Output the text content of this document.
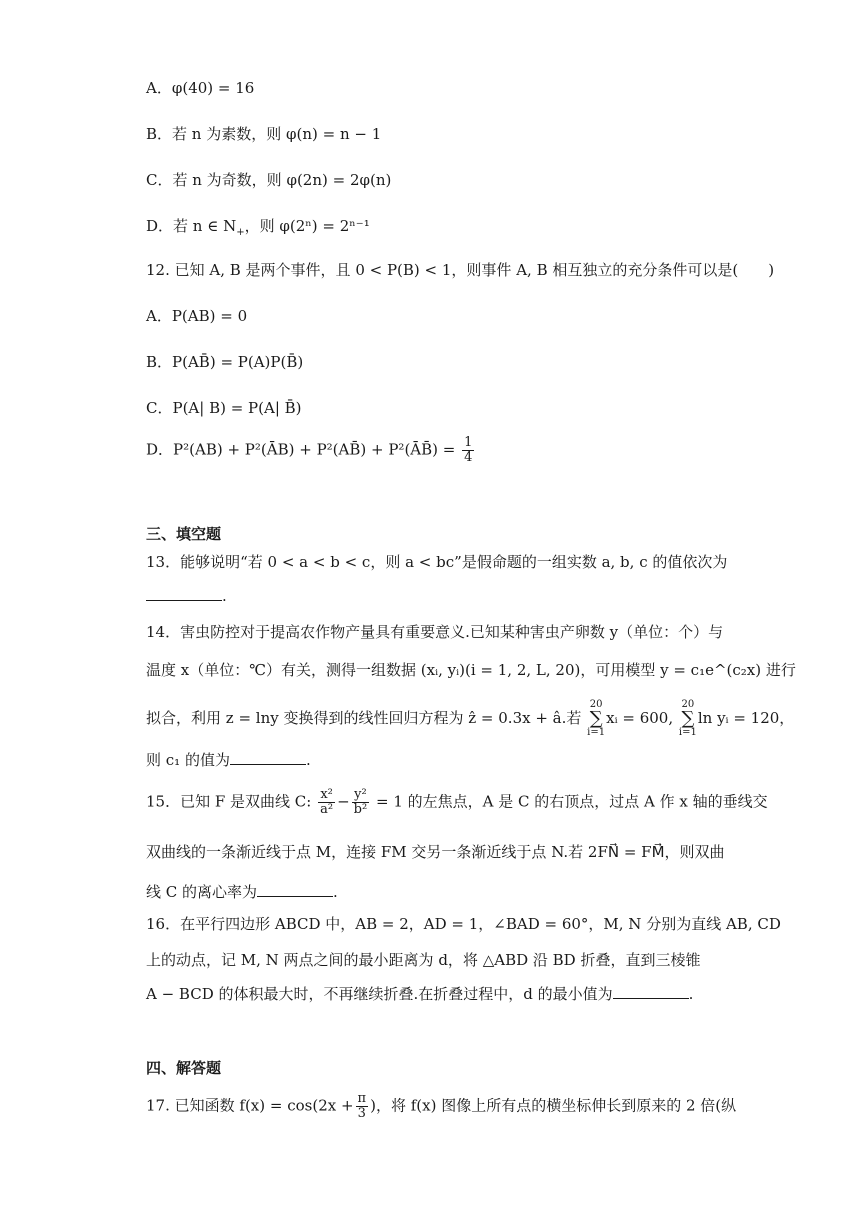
A．φ(40) = 16
B．若 n 为素数，则 φ(n) = n − 1
C．若 n 为奇数，则 φ(2n) = 2φ(n)
D．若 n ∈ $N_+$，则 φ(2ⁿ) = 2ⁿ⁻¹
12. 已知 A, B 是两个事件，且 0 < P(B) < 1，则事件 A, B 相互独立的充分条件可以是(　　)
A．P(AB) = 0
B．P(AB̄) = P(A)P(B̄)
C．P(A| B) = P(A| B̄)
D．P²(AB) + P²(ĀB) + P²(AB̄) + P²(ĀB̄) = $\frac{1}{4}$
三、填空题
13．能够说明“若 0 < a < b < c，则 a < bc”是假命题的一组实数 a, b, c 的值依次为
.
14．害虫防控对于提高农作物产量具有重要意义.已知某种害虫产卵数 y（单位：个）与
温度 x（单位：℃）有关，测得一组数据 (xᵢ, yᵢ)(i = 1, 2, L, 20)，可用模型 y = c₁e^(c₂x) 进行
拟合，利用 z = lny 变换得到的线性回归方程为 ẑ = 0.3x + â.若 20
∑
i=1xᵢ = 600, 20
∑
i=1ln yᵢ = 120，
则 c₁ 的值为	.
15．已知 F 是双曲线 C: $\frac{\text{x²}}{\text{a²}} - \frac{\text{y²}}{\text{b²}} = 1$ 的左焦点，A 是 C 的右顶点，过点 A 作 x 轴的垂线交
双曲线的一条渐近线于点 M，连接 FM 交另一条渐近线于点 N.若 2FN⃗ = FM⃗，则双曲
线 C 的离心率为	.
16．在平行四边形 ABCD 中，AB = 2，AD = 1，∠BAD = 60°，M, N 分别为直线 AB, CD
上的动点，记 M, N 两点之间的最小距离为 d，将 △ABD 沿 BD 折叠，直到三棱锥
A − BCD 的体积最大时，不再继续折叠.在折叠过程中，d 的最小值为	.
四、解答题
17. 已知函数 $f(x) = \cos(2x + \frac{\pi}{3}$ )，将 f(x) 图像上所有点的横坐标伸长到原来的 2 倍(纵
